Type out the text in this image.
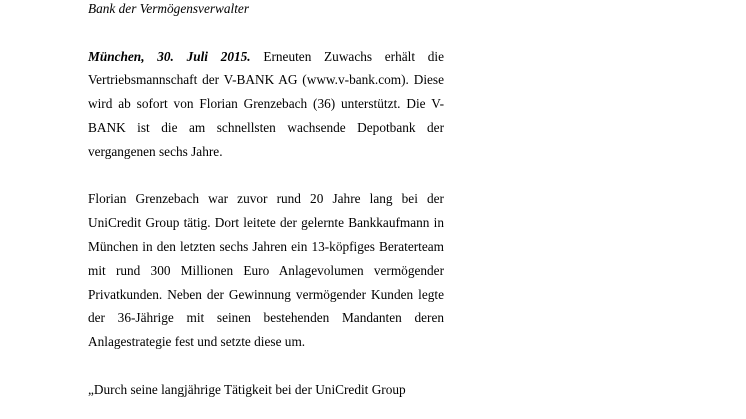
Bank der Vermögensverwalter

München, 30. Juli 2015. Erneuten Zuwachs erhält die Vertriebsmannschaft der V-BANK AG (www.v-bank.com). Diese wird ab sofort von Florian Grenzebach (36) unterstützt. Die V-BANK ist die am schnellsten wachsende Depotbank der vergangenen sechs Jahre.

Florian Grenzebach war zuvor rund 20 Jahre lang bei der UniCredit Group tätig. Dort leitete der gelernte Bankkaufmann in München in den letzten sechs Jahren ein 13-köpfiges Beraterteam mit rund 300 Millionen Euro Anlagevolumen vermögender Privatkunden. Neben der Gewinnung vermögender Kunden legte der 36-Jährige mit seinen bestehenden Mandanten deren Anlagestrategie fest und setzte diese um.

„Durch seine langjährige Tätigkeit bei der UniCredit Group
